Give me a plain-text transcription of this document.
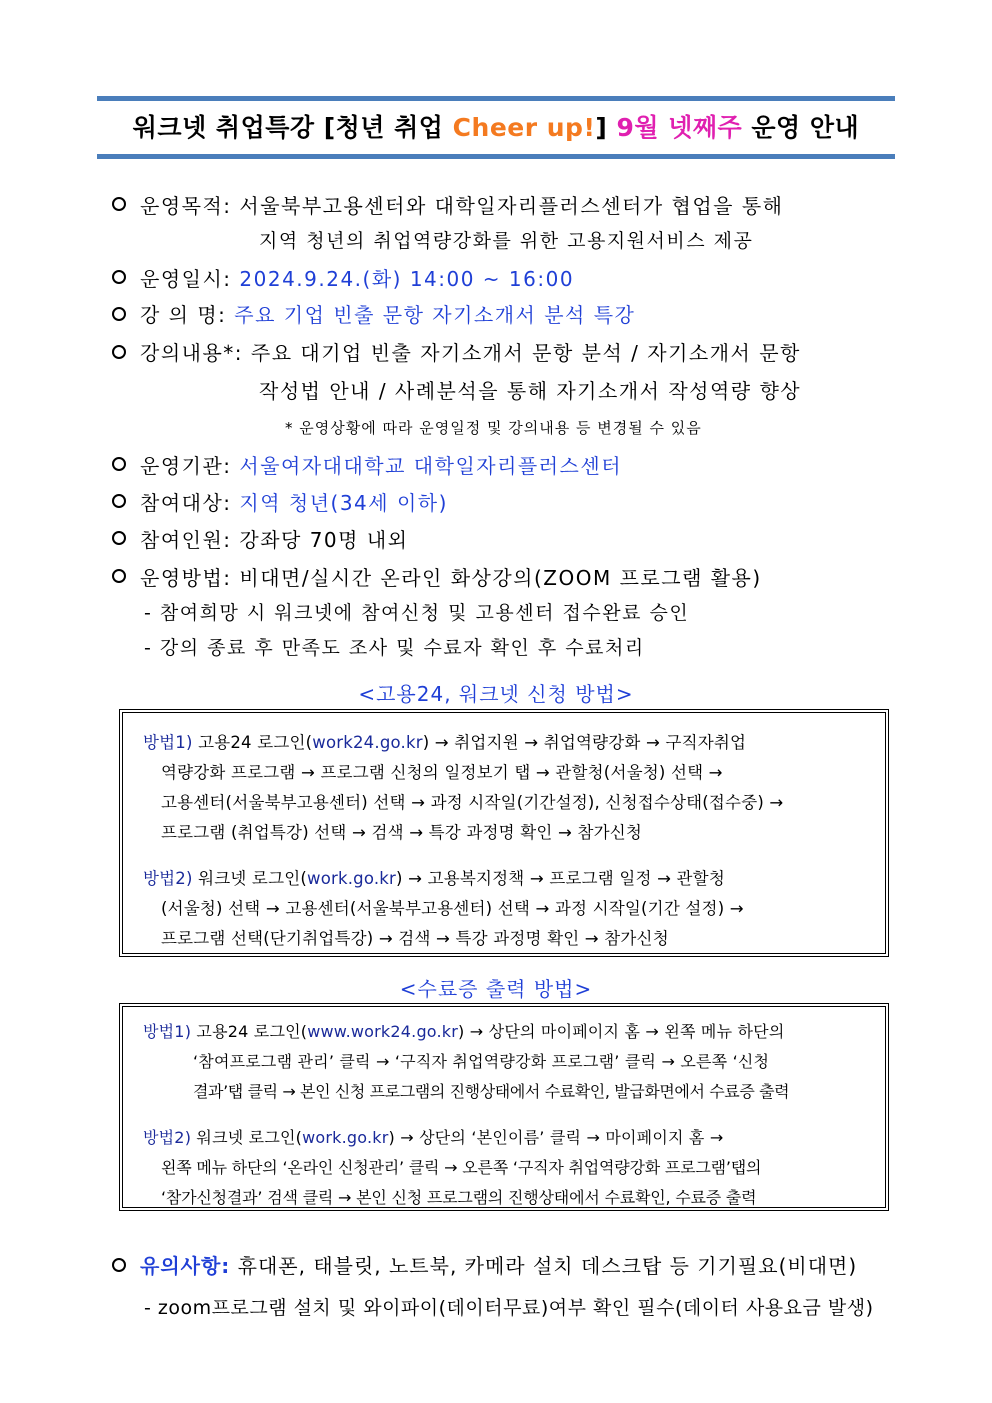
워크넷 취업특강 [청년 취업 Cheer up!] 9월 넷째주 운영 안내
운영목적: 서울북부고용센터와 대학일자리플러스센터가 협업을 통해
지역 청년의 취업역량강화를 위한 고용지원서비스 제공
운영일시: 2024.9.24.(화) 14:00 ~ 16:00
강 의 명: 주요 기업 빈출 문항 자기소개서 분석 특강
강의내용*: 주요 대기업 빈출 자기소개서 문항 분석 / 자기소개서 문항
작성법 안내 / 사례분석을 통해 자기소개서 작성역량 향상
* 운영상황에 따라 운영일정 및 강의내용 등 변경될 수 있음
운영기관: 서울여자대대학교 대학일자리플러스센터
참여대상: 지역 청년(34세 이하)
참여인원: 강좌당 70명 내외
운영방법: 비대면/실시간 온라인 화상강의(ZOOM 프로그램 활용)
- 참여희망 시 워크넷에 참여신청 및 고용센터 접수완료 승인
- 강의 종료 후 만족도 조사 및 수료자 확인 후 수료처리
<고용24, 워크넷 신청 방법>
방법1) 고용24 로그인(work24.go.kr) → 취업지원 → 취업역량강화 → 구직자취업
역량강화 프로그램 → 프로그램 신청의 일정보기 탭 → 관할청(서울청) 선택 →
고용센터(서울북부고용센터) 선택 → 과정 시작일(기간설정), 신청접수상태(접수중) →
프로그램 (취업특강) 선택 → 검색 → 특강 과정명 확인 → 참가신청
방법2) 워크넷 로그인(work.go.kr) → 고용복지정책 → 프로그램 일정 → 관할청
(서울청) 선택 → 고용센터(서울북부고용센터) 선택 → 과정 시작일(기간 설정) →
프로그램 선택(단기취업특강) → 검색 → 특강 과정명 확인 → 참가신청
<수료증 출력 방법>
방법1) 고용24 로그인(www.work24.go.kr) → 상단의 마이페이지 홈 → 왼쪽 메뉴 하단의
‘참여프로그램 관리’ 클릭 → ‘구직자 취업역량강화 프로그램’ 클릭 → 오른쪽 ‘신청
결과’탭 클릭 → 본인 신청 프로그램의 진행상태에서 수료확인, 발급화면에서 수료증 출력
방법2) 워크넷 로그인(work.go.kr) → 상단의 ‘본인이름’ 클릭 → 마이페이지 홈 →
왼쪽 메뉴 하단의 ‘온라인 신청관리’ 클릭 → 오른쪽 ‘구직자 취업역량강화 프로그램’탭의
‘참가신청결과’ 검색 클릭 → 본인 신청 프로그램의 진행상태에서 수료확인, 수료증 출력
유의사항: 휴대폰, 태블릿, 노트북, 카메라 설치 데스크탑 등 기기필요(비대면)
- zoom프로그램 설치 및 와이파이(데이터무료)여부 확인 필수(데이터 사용요금 발생)
